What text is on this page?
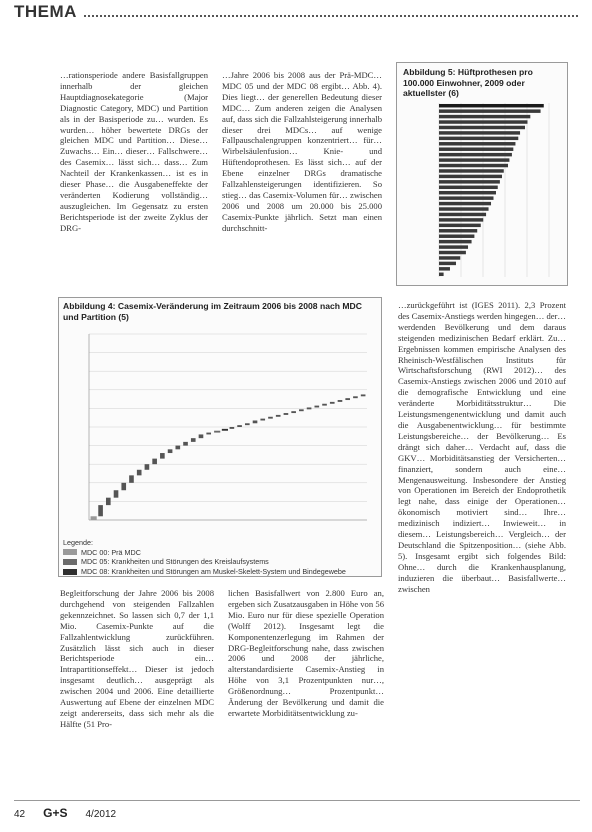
THEMA

…rationsperiode andere Basisfallgruppen innerhalb der gleichen Hauptdiagnosekategorie (Major Diagnostic Category, MDC) und Partition als in der Basisperiode zu… wurden. Es wurden… höher bewertete DRGs der gleichen MDC und Partition… Diese… Zuwachs… Ein… dieser… Fallschwere… des Casemix… lässt sich… dass… Zum Nachteil der Krankenkassen… ist es in dieser Phase… die Ausgabeneffekte der veränderten Kodierung vollständig… auszugleichen. Im Gegensatz zu ersten Berichtsperiode ist der zweite Zyklus der DRG-

…Jahre 2006 bis 2008 aus der Prä-MDC… MDC 05 und der MDC 08 ergibt… Abb. 4). Dies liegt… der generellen Bedeutung dieser MDC… Zum anderen zeigen die Analysen auf, dass sich die Fallzahlsteigerung innerhalb dieser drei MDCs… auf wenige Fallpauschalengruppen konzentriert… für… Wirbelsäulenfusion… Knie- und Hüftendoprothesen. Es lässt sich… auf der Ebene einzelner DRGs dramatische Fallzahlensteigerungen identifizieren. So stieg… das Casemix-Volumen für… zwischen 2006 und 2008 um 20.000 bis 25.000 Casemix-Punkte jährlich. Setzt man einen durchschnitt-

Abbildung 5: Hüftprothesen pro 100.000 Einwohner, 2009 oder aktuellster (6)
Abbildung 4: Casemix-Veränderung im Zeitraum 2006 bis 2008 nach MDC und Partition (5)
Legende:
MDC 00: Prä MDC
MDC 05: Krankheiten und Störungen des Kreislaufsystems
MDC 08: Krankheiten und Störungen am Muskel-Skelett-System und Bindegewebe

…zurückgeführt ist (IGES 2011). 2,3 Prozent des Casemix-Anstiegs werden hingegen… der… werdenden Bevölkerung und dem daraus steigenden medizinischen Bedarf erklärt. Zu… Ergebnissen kommen empirische Analysen des Rheinisch-Westfälischen Instituts für Wirtschaftsforschung (RWI 2012)… des Casemix-Anstiegs zwischen 2006 und 2010 auf die demografische Entwicklung und eine veränderte Morbiditätsstruktur… Die Leistungsmengenentwicklung und damit auch die Ausgabenentwicklung… für bestimmte Leistungsbereiche… der Bevölkerung… Es drängt sich daher… Verdacht auf, dass die GKV… Morbiditätsanstieg der Versicherten… finanziert, sondern auch eine… Mengenausweitung. Insbesondere der Anstieg von Operationen im Bereich der Endoprothetik legt nahe, dass einige der Operationen… ökonomisch motiviert sind… Ihre… medizinisch indiziert… Inwieweit… in diesem… Leistungsbereich… Vergleich… der Deutschland die Spitzenposition… (siehe Abb. 5). Insgesamt ergibt sich folgendes Bild: Ohne… durch die Krankenhausplanung, induzieren die überbaut… Basisfallwerte… zwischen

Begleitforschung der Jahre 2006 bis 2008 durchgehend von steigenden Fallzahlen gekennzeichnet. So lassen sich 0,7 der 1,1 Mio. Casemix-Punkte auf die Fallzahlentwicklung zurückführen. Zusätzlich lässt sich auch in dieser Berichtsperiode ein… Intrapartitionseffekt… Dieser ist jedoch insgesamt deutlich… ausgeprägt als zwischen 2004 und 2006. Eine detaillierte Auswertung auf Ebene der einzelnen MDC zeigt andererseits, dass sich mehr als die Hälfte (51 Pro-

lichen Basisfallwert von 2.800 Euro an, ergeben sich Zusatzausgaben in Höhe von 56 Mio. Euro nur für diese spezielle Operation (Wolff 2012). Insgesamt legt die Komponentenzerlegung im Rahmen der DRG-Begleitforschung nahe, dass zwischen 2006 und 2008 der jährliche, alterstandardisierte Casemix-Anstieg in Höhe von 3,1 Prozentpunkten nur…, Größenordnung… Prozentpunkt… Änderung der Bevölkerung und damit die erwartete Morbiditätsentwicklung zu-

42 G+S 4/2012
